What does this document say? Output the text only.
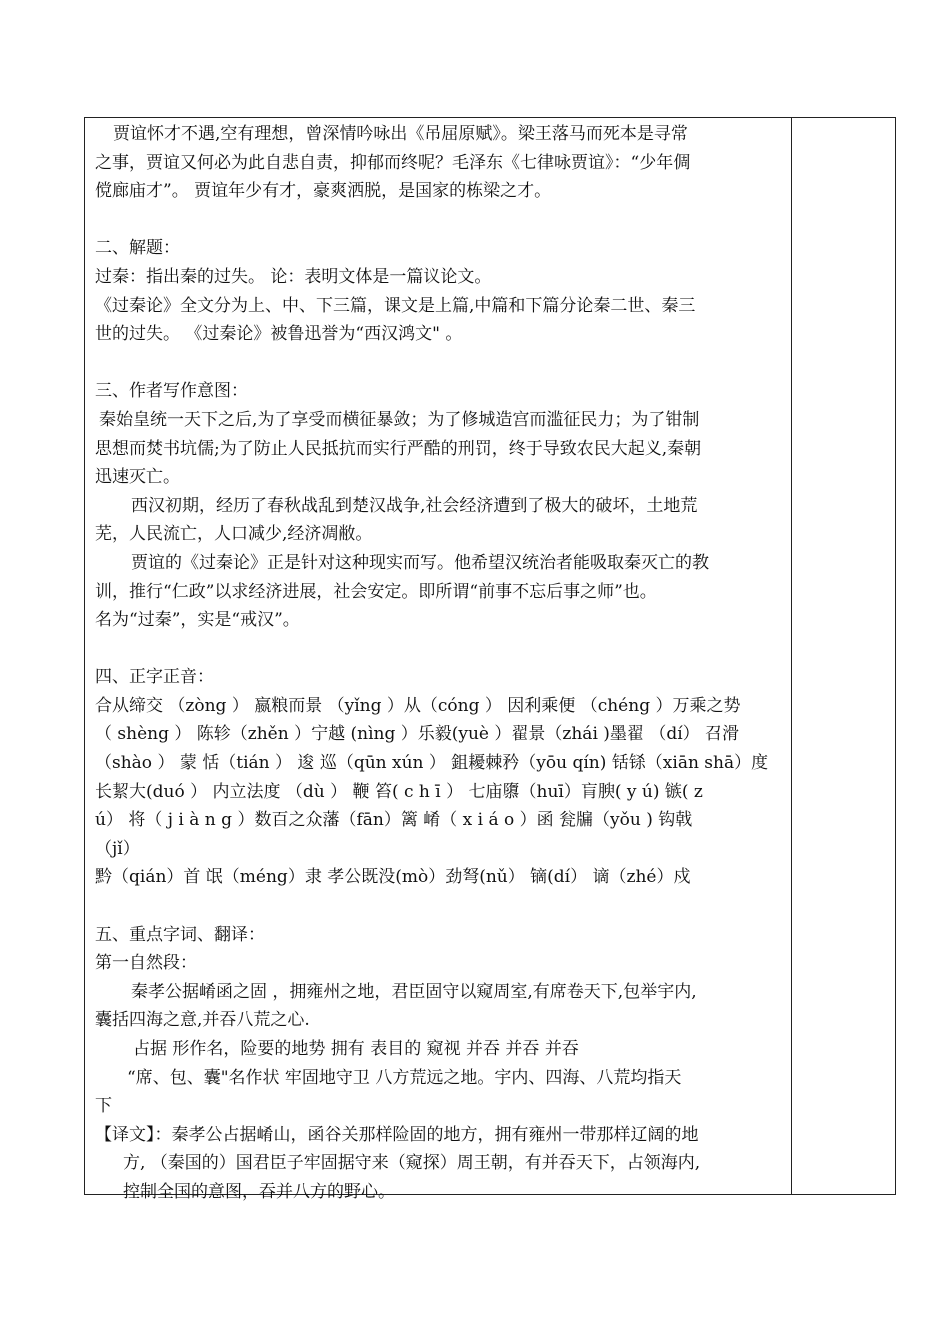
贾谊怀才不遇,空有理想，曾深情吟咏出《吊屈原赋》。梁王落马而死本是寻常
之事，贾谊又何必为此自悲自责，抑郁而终呢？毛泽东《七律咏贾谊》：“少年倜
傥廊庙才”。 贾谊年少有才，豪爽洒脱，是国家的栋梁之才。
二、解题：
过秦：指出秦的过失。 论：表明文体是一篇议论文。
《过秦论》全文分为上、中、下三篇，课文是上篇,中篇和下篇分论秦二世、秦三
世的过失。 《过秦论》被鲁迅誉为“西汉鸿文" 。
三、作者写作意图：
秦始皇统一天下之后,为了享受而横征暴敛；为了修城造宫而滥征民力；为了钳制
思想而焚书坑儒;为了防止人民抵抗而实行严酷的刑罚，终于导致农民大起义,秦朝
迅速灭亡。
西汉初期，经历了春秋战乱到楚汉战争,社会经济遭到了极大的破坏，土地荒
芜，人民流亡，人口减少,经济凋敝。
贾谊的《过秦论》正是针对这种现实而写。他希望汉统治者能吸取秦灭亡的教
训，推行“仁政”以求经济进展，社会安定。即所谓“前事不忘后事之师”也。
名为“过秦”，实是“戒汉”。
四、正字正音：
合从缔交 （zòng ） 嬴粮而景 （yǐng ）从（cóng ） 因利乘便 （chéng ）万乘之势
（ shèng ） 陈轸（zhěn ）宁越 (nìng ）乐毅(yuè ）翟景（zhái )墨翟 （dí） 召滑
（shào ） 蒙 恬（tián ） 逡 巡（qūn xún ） 鉏耰棘矜（yōu qín) 铦铩（xiān shā）度
长絜大(duó ） 内立法度 （dù ） 鞭 笞( c h ī ） 七庙隳（huī）肓腴( y ú) 镞( z
ú） 将（ j i à n g ）数百之众藩（fān）篱 崤（ x i á o ）函 瓮牖（yǒu ) 钩戟
（jǐ）
黔（qián）首 氓（méng）隶 孝公既没(mò）劲弩(nǔ） 镝(dí） 谪（zhé）戍
五、重点字词、翻译：
第一自然段：
秦孝公据崤函之固 ，拥雍州之地，君臣固守以窥周室,有席卷天下,包举宇内,
囊括四海之意,并吞八荒之心.
占据 形作名，险要的地势 拥有 表目的 窥视 并吞 并吞 并吞
“席、包、囊"名作状 牢固地守卫 八方荒远之地。宇内、四海、八荒均指天
下
【译文】：秦孝公占据崤山，函谷关那样险固的地方，拥有雍州一带那样辽阔的地
方, （秦国的）国君臣子牢固据守来（窥探）周王朝，有并吞天下，占领海内,
控制全国的意图，吞并八方的野心。
